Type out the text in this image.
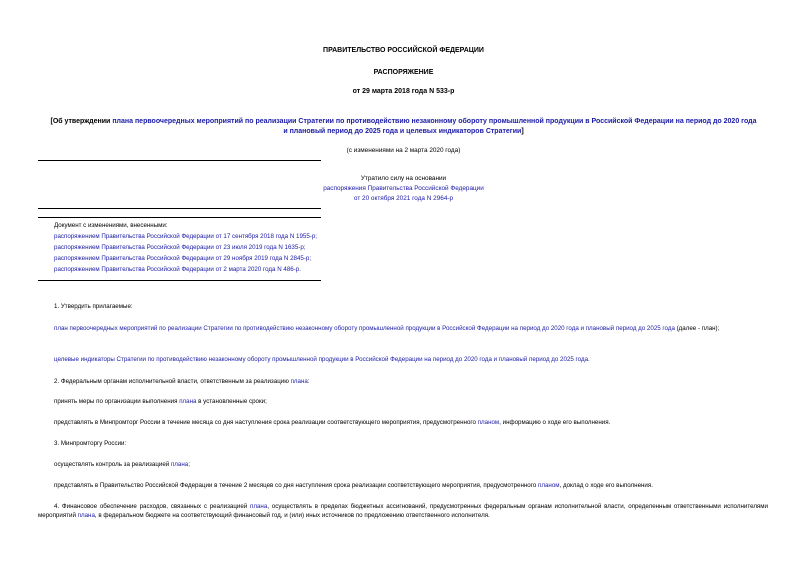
ПРАВИТЕЛЬСТВО РОССИЙСКОЙ ФЕДЕРАЦИИ
РАСПОРЯЖЕНИЕ
от 29 марта 2018 года N 533-р
[Об утверждении плана первоочередных мероприятий по реализации Стратегии по противодействию незаконному обороту промышленной продукции в Российской Федерации на период до 2020 года и плановый период до 2025 года и целевых индикаторов Стратегии]
(с изменениями на 2 марта 2020 года)
Утратило силу на основании
распоряжения Правительства Российской Федерации
от 20 октября 2021 года N 2964-р
Документ с изменениями, внесенными:
распоряжением Правительства Российской Федерации от 17 сентября 2018 года N 1955-р;
распоряжением Правительства Российской Федерации от 23 июля 2019 года N 1635-р;
распоряжением Правительства Российской Федерации от 29 ноября 2019 года N 2845-р;
распоряжением Правительства Российской Федерации от 2 марта 2020 года N 486-р.
1. Утвердить прилагаемые:
план первоочередных мероприятий по реализации Стратегии по противодействию незаконному обороту промышленной продукции в Российской Федерации на период до 2020 года и плановый период до 2025 года (далее - план);
целевые индикаторы Стратегии по противодействию незаконному обороту промышленной продукции в Российской Федерации на период до 2020 года и плановый период до 2025 года.
2. Федеральным органам исполнительной власти, ответственным за реализацию плана:
принять меры по организации выполнения плана в установленные сроки;
представлять в Минпромторг России в течение месяца со дня наступления срока реализации соответствующего мероприятия, предусмотренного планом, информацию о ходе его выполнения.
3. Минпромторгу России:
осуществлять контроль за реализацией плана;
представлять в Правительство Российской Федерации в течение 2 месяцев со дня наступления срока реализации соответствующего мероприятия, предусмотренного планом, доклад о ходе его выполнения.
4. Финансовое обеспечение расходов, связанных с реализацией плана, осуществлять в пределах бюджетных ассигнований, предусмотренных федеральным органам исполнительной власти, определенным ответственными исполнителями мероприятий плана, в федеральном бюджете на соответствующий финансовый год, и (или) иных источников по предложению ответственного исполнителя.
